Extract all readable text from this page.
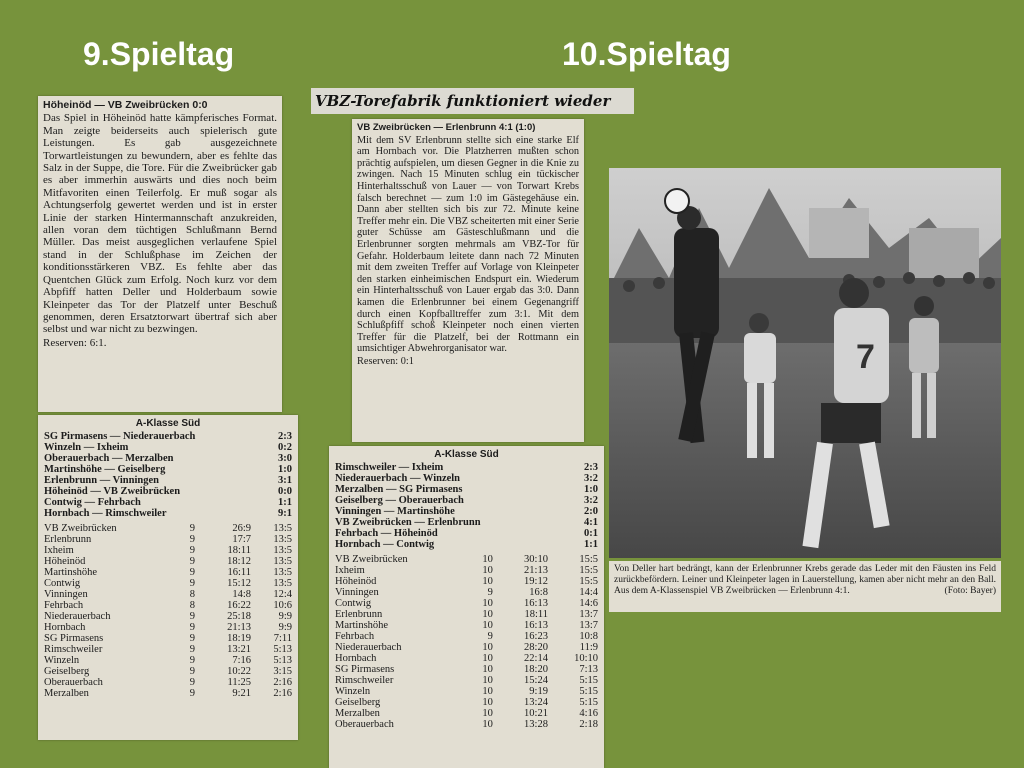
9.Spieltag	10.Spieltag

Höheinöd — VB Zweibrücken 0:0

Das Spiel in Höheinöd hatte kämpferisches Format. Man zeigte beiderseits auch spielerisch gute Leistungen. Es gab ausgezeichnete Torwartleistungen zu bewundern, aber es fehlte das Salz in der Suppe, die Tore. Für die Zweibrücker gab es aber immerhin auswärts und dies noch beim Mitfavoriten einen Teilerfolg. Er muß sogar als Achtungserfolg gewertet werden und ist in erster Linie der starken Hintermannschaft anzukreiden, allen voran dem tüchtigen Schlußmann Bernd Müller. Das meist ausgeglichen verlaufene Spiel stand in der Schlußphase im Zeichen der konditionsstärkeren VBZ. Es fehlte aber das Quentchen Glück zum Erfolg. Noch kurz vor dem Abpfiff hatten Deller und Holderbaum sowie Kleinpeter das Tor der Platzelf unter Beschuß genommen, deren Ersatztorwart übertraf sich aber selbst und war nicht zu bezwingen.

Reserven: 6:1.

A-Klasse Süd
SG Pirmasens — Niederauerbach	2:3
Winzeln — Ixheim	0:2
Oberauerbach — Merzalben	3:0
Martinshöhe — Geiselberg	1:0
Erlenbrunn — Vinningen	3:1
Höheinöd — VB Zweibrücken	0:0
Contwig — Fehrbach	1:1
Hornbach — Rimschweiler	9:1
VB Zweibrücken	9	26:9	13:5
Erlenbrunn	9	17:7	13:5
Ixheim	9	18:11	13:5
Höheinöd	9	18:12	13:5
Martinshöhe	9	16:11	13:5
Contwig	9	15:12	13:5
Vinningen	8	14:8	12:4
Fehrbach	8	16:22	10:6
Niederauerbach	9	25:18	9:9
Hornbach	9	21:13	9:9
SG Pirmasens	9	18:19	7:11
Rimschweiler	9	13:21	5:13
Winzeln	9	7:16	5:13
Geiselberg	9	10:22	3:15
Oberauerbach	9	11:25	2:16
Merzalben	9	9:21	2:16
VBZ-Torefabrik funktioniert wieder

VB Zweibrücken — Erlenbrunn 4:1 (1:0)

Mit dem SV Erlenbrunn stellte sich eine starke Elf am Hornbach vor. Die Platzherren mußten schon prächtig aufspielen, um diesen Gegner in die Knie zu zwingen. Nach 15 Minuten schlug ein tückischer Hinterhaltsschuß von Lauer — von Torwart Krebs falsch berechnet — zum 1:0 im Gästegehäuse ein. Dann aber stellten sich bis zur 72. Minute keine Treffer mehr ein. Die VBZ scheiterten mit einer Serie guter Schüsse am Gästeschlußmann und die Erlenbrunner sorgten mehrmals am VBZ-Tor für Gefahr. Holderbaum leitete dann nach 72 Minuten mit dem zweiten Treffer auf Vorlage von Kleinpeter den starken einheimischen Endspurt ein. Wiederum ein Hinterhaltsschuß von Lauer ergab das 3:0. Dann kamen die Erlenbrunner bei einem Gegenangriff durch einen Kopfballtreffer zum 3:1. Mit dem Schlußpfiff schoß Kleinpeter noch einen vierten Treffer für die Platzelf, bei der Rottmann ein umsichtiger Abwehrorganisator war.

Reserven: 0:1

A-Klasse Süd
Rimschweiler — Ixheim	2:3
Niederauerbach — Winzeln	3:2
Merzalben — SG Pirmasens	1:0
Geiselberg — Oberauerbach	3:2
Vinningen — Martinshöhe	2:0
VB Zweibrücken — Erlenbrunn	4:1
Fehrbach — Höheinöd	0:1
Hornbach — Contwig	1:1
VB Zweibrücken	10	30:10	15:5
Ixheim	10	21:13	15:5
Höheinöd	10	19:12	15:5
Vinningen	9	16:8	14:4
Contwig	10	16:13	14:6
Erlenbrunn	10	18:11	13:7
Martinshöhe	10	16:13	13:7
Fehrbach	9	16:23	10:8
Niederauerbach	10	28:20	11:9
Hornbach	10	22:14	10:10
SG Pirmasens	10	18:20	7:13
Rimschweiler	10	15:24	5:15
Winzeln	10	9:19	5:15
Geiselberg	10	13:24	5:15
Merzalben	10	10:21	4:16
Oberauerbach	10	13:28	2:18
7
Von Deller hart bedrängt, kann der Erlenbrunner Krebs gerade das Leder mit den Fäusten ins Feld zurückbefördern. Leiner und Kleinpeter lagen in Lauerstellung, kamen aber nicht mehr an den Ball. Aus dem A-Klassenspiel VB Zweibrücken — Erlenbrunn 4:1.	(Foto: Bayer)
